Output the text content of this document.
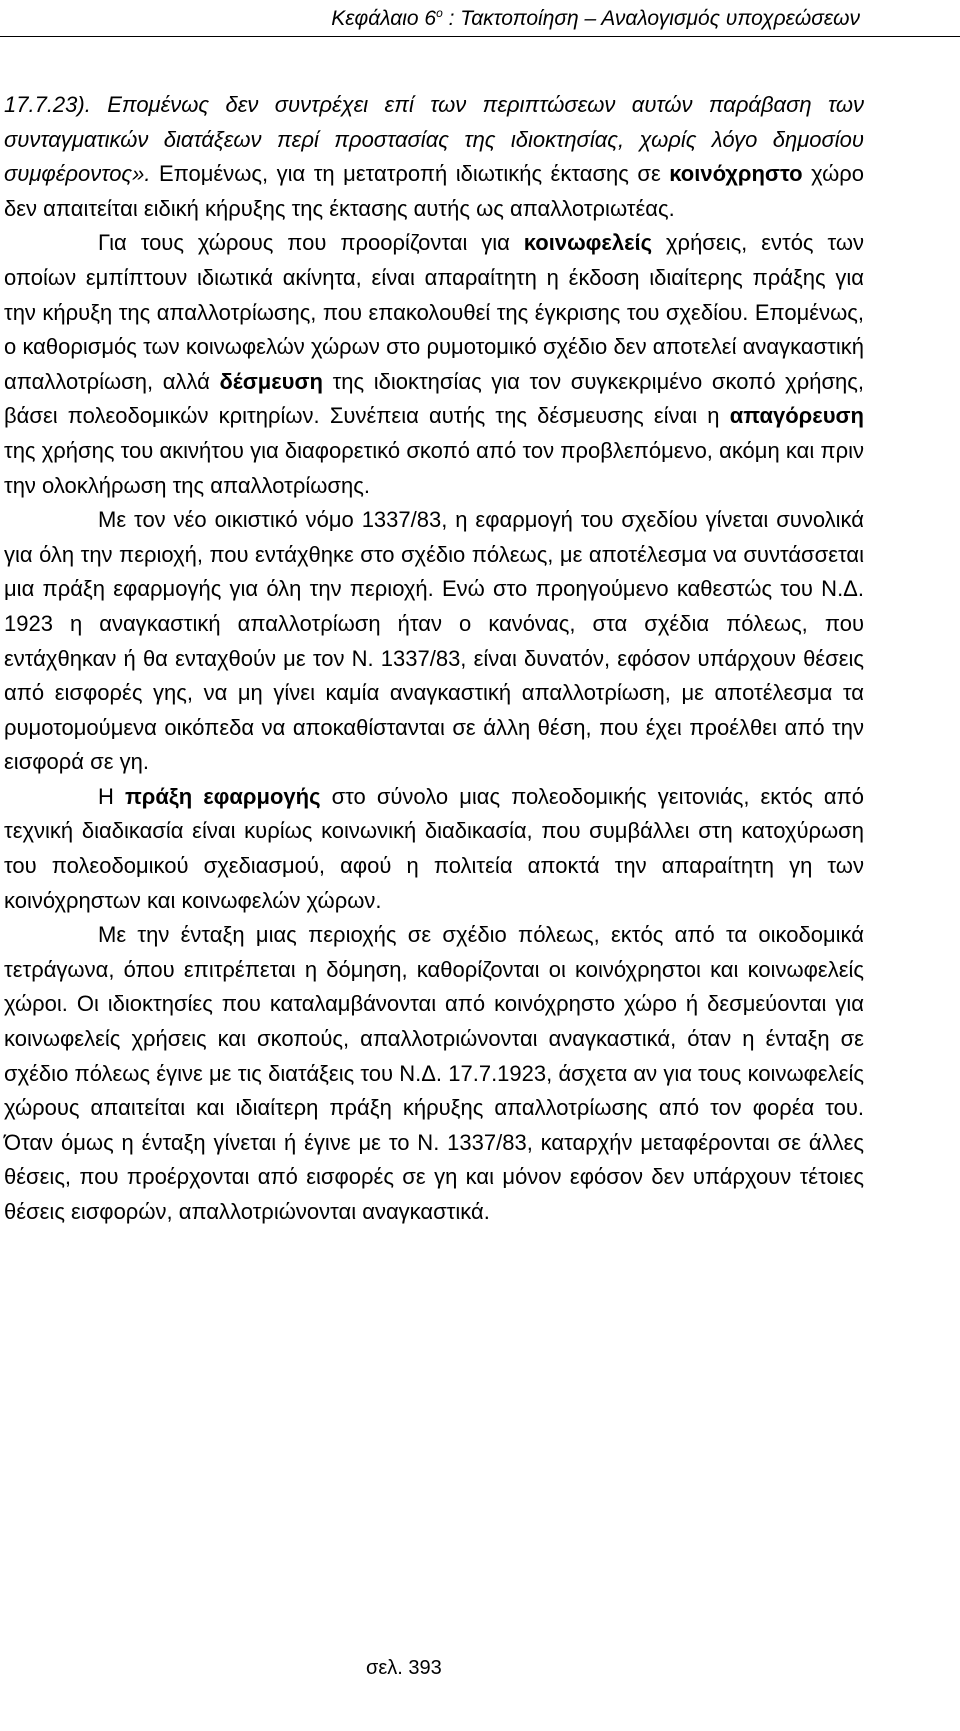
Κεφάλαιο $6^o$ : Τακτοποίηση – Αναλογισμός υποχρεώσεων

17.7.23). Επομένως δεν συντρέχει επί των περιπτώσεων αυτών παράβαση των συνταγματικών διατάξεων περί προστασίας της ιδιοκτησίας, χωρίς λόγο δημοσίου συμφέροντος». Επομένως, για τη μετατροπή ιδιωτικής έκτασης σε κοινόχρηστο χώρο δεν απαιτείται ειδική κήρυξης της έκτασης αυτής ως απαλλοτριωτέας.

Για τους χώρους που προορίζονται για κοινωφελείς χρήσεις, εντός των οποίων εμπίπτουν ιδιωτικά ακίνητα, είναι απαραίτητη η έκδοση ιδιαίτερης πράξης για την κήρυξη της απαλλοτρίωσης, που επακολουθεί της έγκρισης του σχεδίου. Επομένως, ο καθορισμός των κοινωφελών χώρων στο ρυμοτομικό σχέδιο δεν αποτελεί αναγκαστική απαλλοτρίωση, αλλά δέσμευση της ιδιοκτησίας για τον συγκεκριμένο σκοπό χρήσης, βάσει πολεοδομικών κριτηρίων. Συνέπεια αυτής της δέσμευσης είναι η απαγόρευση της χρήσης του ακινήτου για διαφορετικό σκοπό από τον προβλεπόμενο, ακόμη και πριν την ολοκλήρωση της απαλλοτρίωσης.

Με τον νέο οικιστικό νόμο 1337/83, η εφαρμογή του σχεδίου γίνεται συνολικά για όλη την περιοχή, που εντάχθηκε στο σχέδιο πόλεως, με αποτέλεσμα να συντάσσεται μια πράξη εφαρμογής για όλη την περιοχή. Ενώ στο προηγούμενο καθεστώς του Ν.Δ. 1923 η αναγκαστική απαλλοτρίωση ήταν ο κανόνας, στα σχέδια πόλεως, που εντάχθηκαν ή θα ενταχθούν με τον Ν. 1337/83, είναι δυνατόν, εφόσον υπάρχουν θέσεις από εισφορές γης, να μη γίνει καμία αναγκαστική απαλλοτρίωση, με αποτέλεσμα τα ρυμοτομούμενα οικόπεδα να αποκαθίστανται σε άλλη θέση, που έχει προέλθει από την εισφορά σε γη.

Η πράξη εφαρμογής στο σύνολο μιας πολεοδομικής γειτονιάς, εκτός από τεχνική διαδικασία είναι κυρίως κοινωνική διαδικασία, που συμβάλλει στη κατοχύρωση του πολεοδομικού σχεδιασμού, αφού η πολιτεία αποκτά την απαραίτητη γη των κοινόχρηστων και κοινωφελών χώρων.

Με την ένταξη μιας περιοχής σε σχέδιο πόλεως, εκτός από τα οικοδομικά τετράγωνα, όπου επιτρέπεται η δόμηση, καθορίζονται οι κοινόχρηστοι και κοινωφελείς χώροι. Οι ιδιοκτησίες που καταλαμβάνονται από κοινόχρηστο χώρο ή δεσμεύονται για κοινωφελείς χρήσεις και σκοπούς, απαλλοτριώνονται αναγκαστικά, όταν η ένταξη σε σχέδιο πόλεως έγινε με τις διατάξεις του Ν.Δ. 17.7.1923, άσχετα αν για τους κοινωφελείς χώρους απαιτείται και ιδιαίτερη πράξη κήρυξης απαλλοτρίωσης από τον φορέα του. Όταν όμως η ένταξη γίνεται ή έγινε με το Ν. 1337/83, καταρχήν μεταφέρονται σε άλλες θέσεις, που προέρχονται από εισφορές σε γη και μόνον εφόσον δεν υπάρχουν τέτοιες θέσεις εισφορών, απαλλοτριώνονται αναγκαστικά.

σελ. 393
